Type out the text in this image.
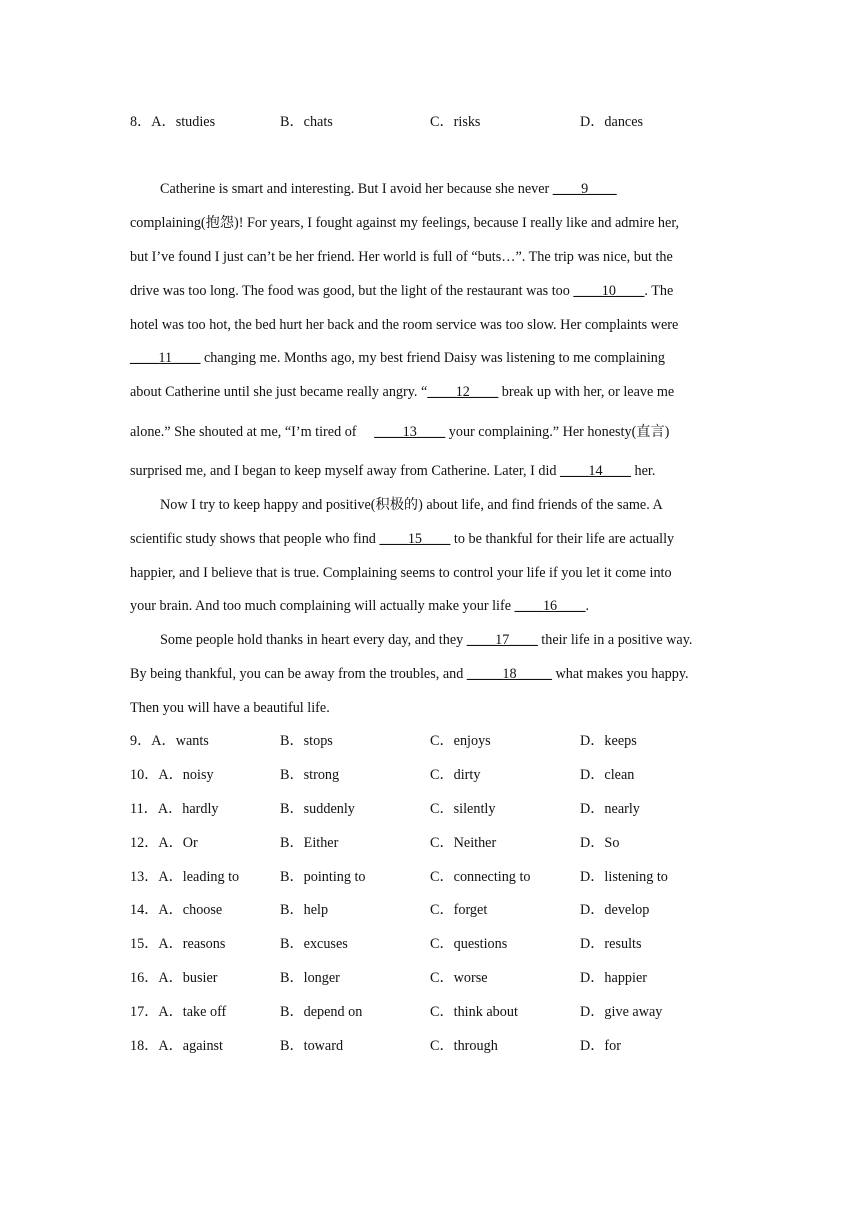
8．A．studies	B．chats	C．risks	D．dances
Catherine is smart and interesting. But I avoid her because she never ____9____
complaining(抱怨)! For years, I fought against my feelings, because I really like and admire her,
but I’ve found I just can’t be her friend. Her world is full of “buts…”. The trip was nice, but the
drive was too long. The food was good, but the light of the restaurant was too ____10____. The
hotel was too hot, the bed hurt her back and the room service was too slow. Her complaints were
____11____ changing me. Months ago, my best friend Daisy was listening to me complaining
about Catherine until she just became really angry. “____12____ break up with her, or leave me
alone.” She shouted at me, “I’m tired of     ____13____ your complaining.” Her honesty(直言)
surprised me, and I began to keep myself away from Catherine. Later, I did ____14____ her.
Now I try to keep happy and positive(积极的) about life, and find friends of the same. A
scientific study shows that people who find ____15____ to be thankful for their life are actually
happier, and I believe that is true. Complaining seems to control your life if you let it come into
your brain. And too much complaining will actually make your life ____16____.
Some people hold thanks in heart every day, and they ____17____ their life in a positive way.
By being thankful, you can be away from the troubles, and _____18_____ what makes you happy.
Then you will have a beautiful life.
9．A．wants	B．stops	C．enjoys	D．keeps
10．A．noisy	B．strong	C．dirty	D．clean
11．A．hardly	B．suddenly	C．silently	D．nearly
12．A．Or	B．Either	C．Neither	D．So
13．A．leading to	B．pointing to	C．connecting to	D．listening to
14．A．choose	B．help	C．forget	D．develop
15．A．reasons	B．excuses	C．questions	D．results
16．A．busier	B．longer	C．worse	D．happier
17．A．take off	B．depend on	C．think about	D．give away
18．A．against	B．toward	C．through	D．for
